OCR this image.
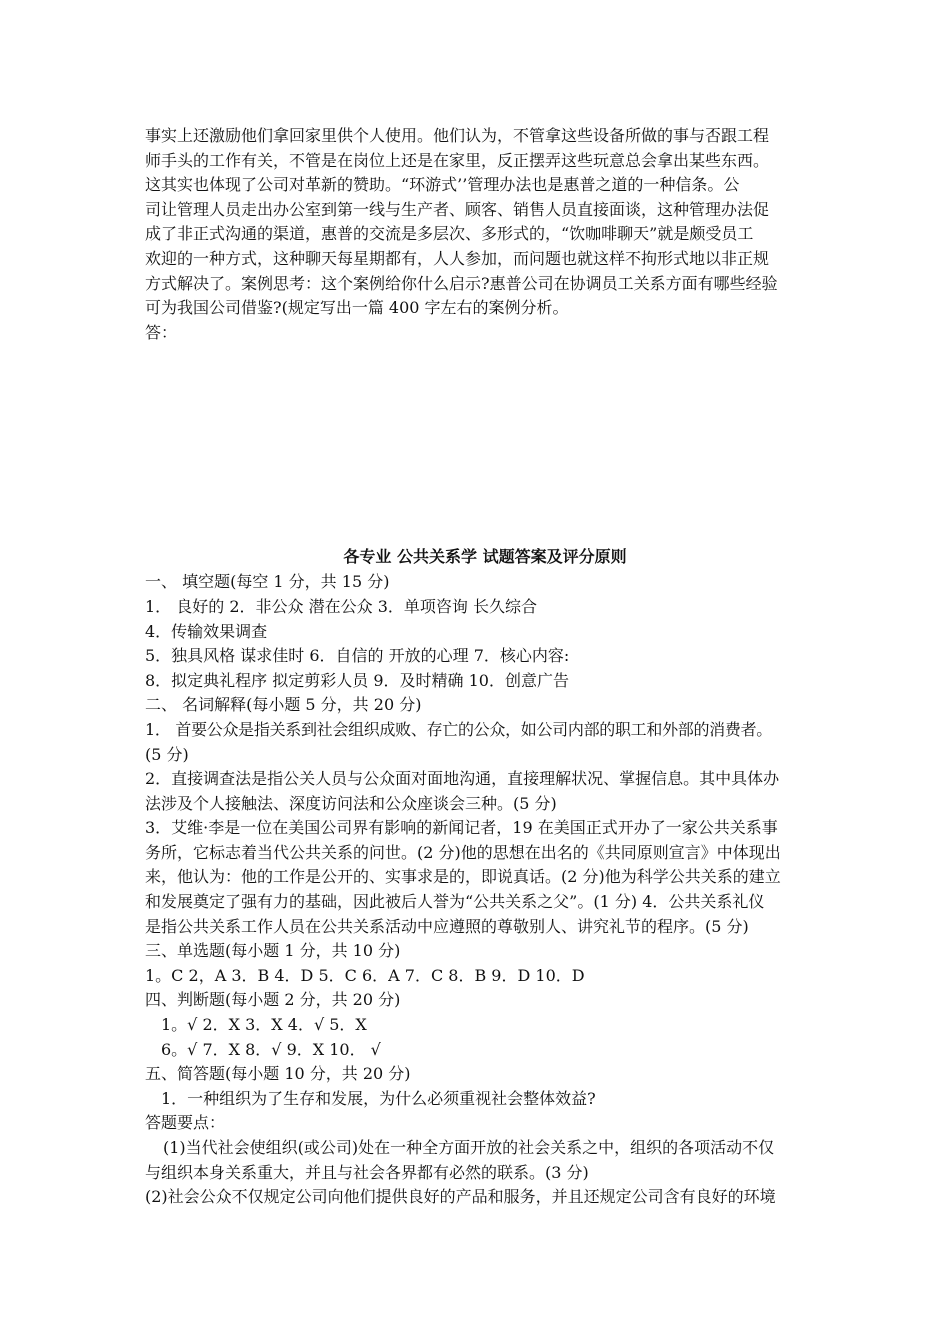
事实上还激励他们拿回家里供个人使用。他们认为，不管拿这些设备所做的事与否跟工程
师手头的工作有关，不管是在岗位上还是在家里，反正摆弄这些玩意总会拿出某些东西。
这其实也体现了公司对革新的赞助。“环游式’’管理办法也是惠普之道的一种信条。公
司让管理人员走出办公室到第一线与生产者、顾客、销售人员直接面谈，这种管理办法促
成了非正式沟通的渠道，惠普的交流是多层次、多形式的，“饮咖啡聊天”就是颇受员工
欢迎的一种方式，这种聊天每星期都有，人人参加，而问题也就这样不拘形式地以非正规
方式解决了。案例思考：这个案例给你什么启示?惠普公司在协调员工关系方面有哪些经验
可为我国公司借鉴?(规定写出一篇 400 字左右的案例分析。
答：
各专业 公共关系学 试题答案及评分原则
一、 填空题(每空 1 分，共 15 分)
1． 良好的 2．非公众 潜在公众 3．单项咨询 长久综合
4．传输效果调查
5．独具风格 谋求佳时 6．自信的 开放的心理 7．核心内容:
8．拟定典礼程序 拟定剪彩人员 9．及时精确 10．创意广告
二、 名词解释(每小题 5 分，共 20 分)
1． 首要公众是指关系到社会组织成败、存亡的公众，如公司内部的职工和外部的消费者。
(5 分)
2．直接调查法是指公关人员与公众面对面地沟通，直接理解状况、掌握信息。其中具体办
法涉及个人接触法、深度访问法和公众座谈会三种。(5 分)
3．艾维·李是一位在美国公司界有影响的新闻记者，19 在美国正式开办了一家公共关系事
务所，它标志着当代公共关系的问世。(2 分)他的思想在出名的《共同原则宣言》中体现出
来，他认为：他的工作是公开的、实事求是的，即说真话。(2 分)他为科学公共关系的建立
和发展奠定了强有力的基础，因此被后人誉为“公共关系之父”。(1 分) 4．公共关系礼仪
是指公共关系工作人员在公共关系活动中应遵照的尊敬别人、讲究礼节的程序。(5 分)
三、单选题(每小题 1 分，共 10 分)
1。C 2，A 3．B 4．D 5．C 6．A 7．C 8．B 9．D 10．D
四、判断题(每小题 2 分，共 20 分)
1。√ 2．X 3．X 4．√ 5．X
6。√ 7．X 8．√ 9．X 10． √
五、简答题(每小题 10 分，共 20 分)
1．一种组织为了生存和发展，为什么必须重视社会整体效益?
答题要点：
(1)当代社会使组织(或公司)处在一种全方面开放的社会关系之中，组织的各项活动不仅
与组织本身关系重大，并且与社会各界都有必然的联系。(3 分)
(2)社会公众不仅规定公司向他们提供良好的产品和服务，并且还规定公司含有良好的环境
